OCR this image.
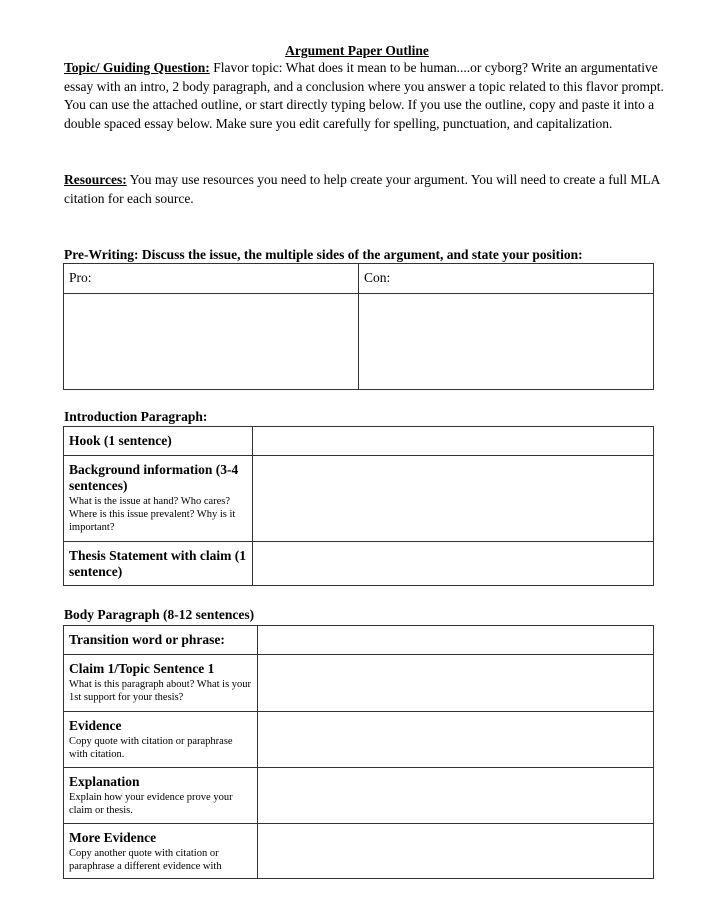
Argument Paper Outline
Topic/ Guiding Question: Flavor topic: What does it mean to be human....or cyborg? Write an argumentative essay with an intro, 2 body paragraph, and a conclusion where you answer a topic related to this flavor prompt. You can use the attached outline, or start directly typing below. If you use the outline, copy and paste it into a double spaced essay below. Make sure you edit carefully for spelling, punctuation, and capitalization.
Resources: You may use resources you need to help create your argument. You will need to create a full MLA citation for each source.
Pre-Writing: Discuss the issue, the multiple sides of the argument, and state your position:
Pro:	Con:

Introduction Paragraph:
Hook (1 sentence)	

Background information (3-4 sentences)
What is the issue at hand? Who cares? Where is this issue prevalent? Why is it important?	

Thesis Statement with claim (1 sentence)	

Body Paragraph (8-12 sentences)
Transition word or phrase:	

Claim 1/Topic Sentence 1
What is this paragraph about? What is your 1st support for your thesis?	

Evidence
Copy quote with citation or paraphrase with citation.	

Explanation
Explain how your evidence prove your claim or thesis.	

More Evidence
Copy another quote with citation or paraphrase a different evidence with	
